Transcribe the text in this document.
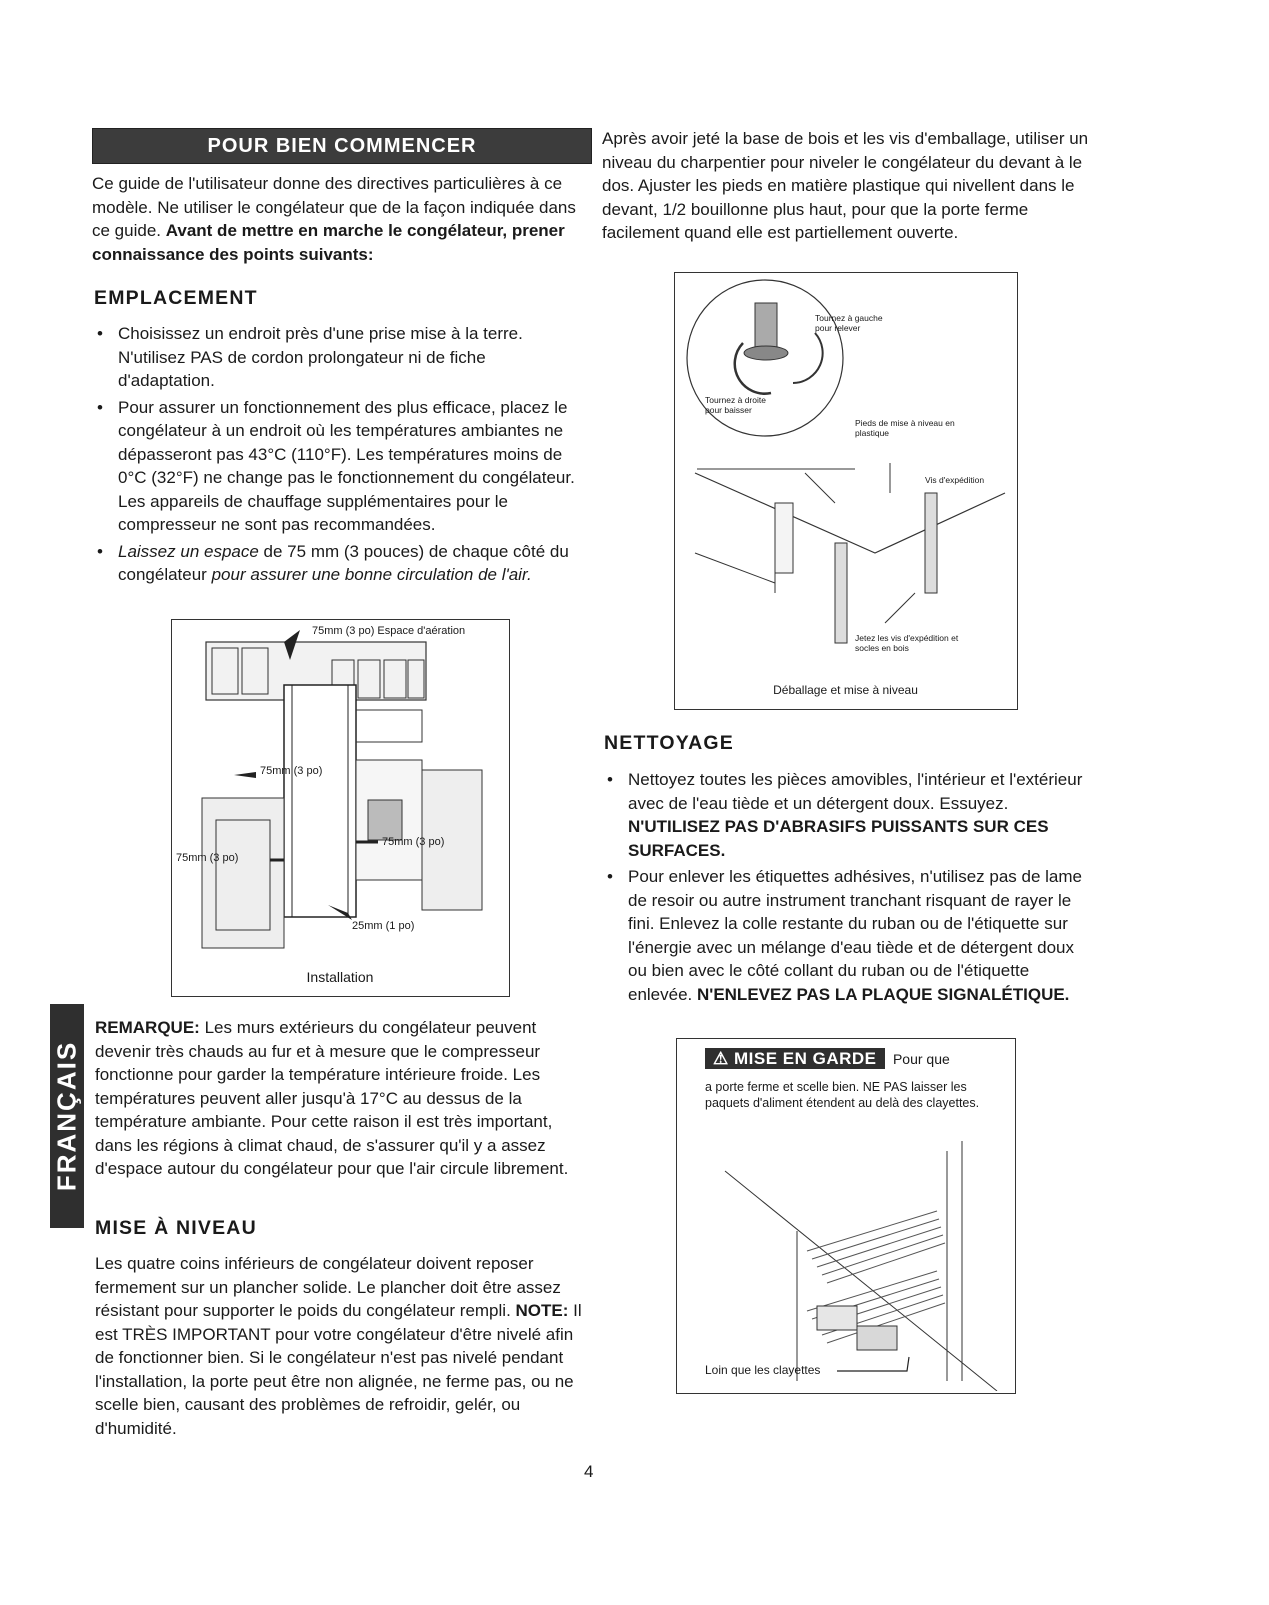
POUR BIEN COMMENCER

Ce guide de l'utilisateur donne des directives particulières à ce modèle. Ne utiliser le congélateur que de la façon indiquée dans ce guide. Avant de mettre en marche le congélateur, prener connaissance des points suivants:

EMPLACEMENT
• Choisissez un endroit près d'une prise mise à la terre. N'utilisez PAS de cordon prolongateur ni de fiche d'adaptation.
• Pour assurer un fonctionnement des plus efficace, placez le congélateur à un endroit où les températures ambiantes ne dépasseront pas 43°C (110°F). Les températures moins de 0°C (32°F) ne change pas le fonctionnement du congélateur. Les appareils de chauffage supplémentaires pour le compresseur ne sont pas recommandées.
• Laissez un espace de 75 mm (3 pouces) de chaque côté du congélateur pour assurer une bonne circulation de l'air.
75mm (3 po) Espace d'aération
75mm (3 po)
75mm (3 po)
75mm (3 po)
25mm (1 po)
Installation
FRANÇAIS

REMARQUE: Les murs extérieurs du congélateur peuvent devenir très chauds au fur et à mesure que le compresseur fonctionne pour garder la température intérieure froide. Les températures peuvent aller jusqu'à 17°C au dessus de la température ambiante. Pour cette raison il est très important, dans les régions à climat chaud, de s'assurer qu'il y a assez d'espace autour du congélateur pour que l'air circule librement.

MISE À NIVEAU

Les quatre coins inférieurs de congélateur doivent reposer fermement sur un plancher solide. Le plancher doit être assez résistant pour supporter le poids du congélateur rempli. NOTE: Il est TRÈS IMPORTANT pour votre congélateur d'être nivelé afin de fonctionner bien. Si le congélateur n'est pas nivelé pendant l'installation, la porte peut être non alignée, ne ferme pas, ou ne scelle bien, causant des problèmes de refroidir, gelér, ou d'humidité.

Après avoir jeté la base de bois et les vis d'emballage, utiliser un niveau du charpentier pour niveler le congélateur du devant à le dos. Ajuster les pieds en matière plastique qui nivellent dans le devant, 1/2 bouillonne plus haut, pour que la porte ferme facilement quand elle est partiellement ouverte.

Tournez à gauche pour relever
Tournez à droite pour baisser
Pieds de mise à niveau en plastique
Vis d'expédition
Jetez les vis d'expédition et socles en bois
Déballage et mise à niveau
NETTOYAGE
• Nettoyez toutes les pièces amovibles, l'intérieur et l'extérieur avec de l'eau tiède et un détergent doux. Essuyez. N'UTILISEZ PAS D'ABRASIFS PUISSANTS SUR CES SURFACES.
• Pour enlever les étiquettes adhésives, n'utilisez pas de lame de resoir ou autre instrument tranchant risquant de rayer le fini. Enlevez la colle restante du ruban ou de l'étiquette sur l'énergie avec un mélange d'eau tiède et de détergent doux ou bien avec le côté collant du ruban ou de l'étiquette enlevée. N'ENLEVEZ PAS LA PLAQUE SIGNALÉTIQUE.
⚠ MISE EN GARDE Pour que
a porte ferme et scelle bien. NE PAS laisser les paquets d'aliment étendent au delà des clayettes.
Loin que les clayettes
4
